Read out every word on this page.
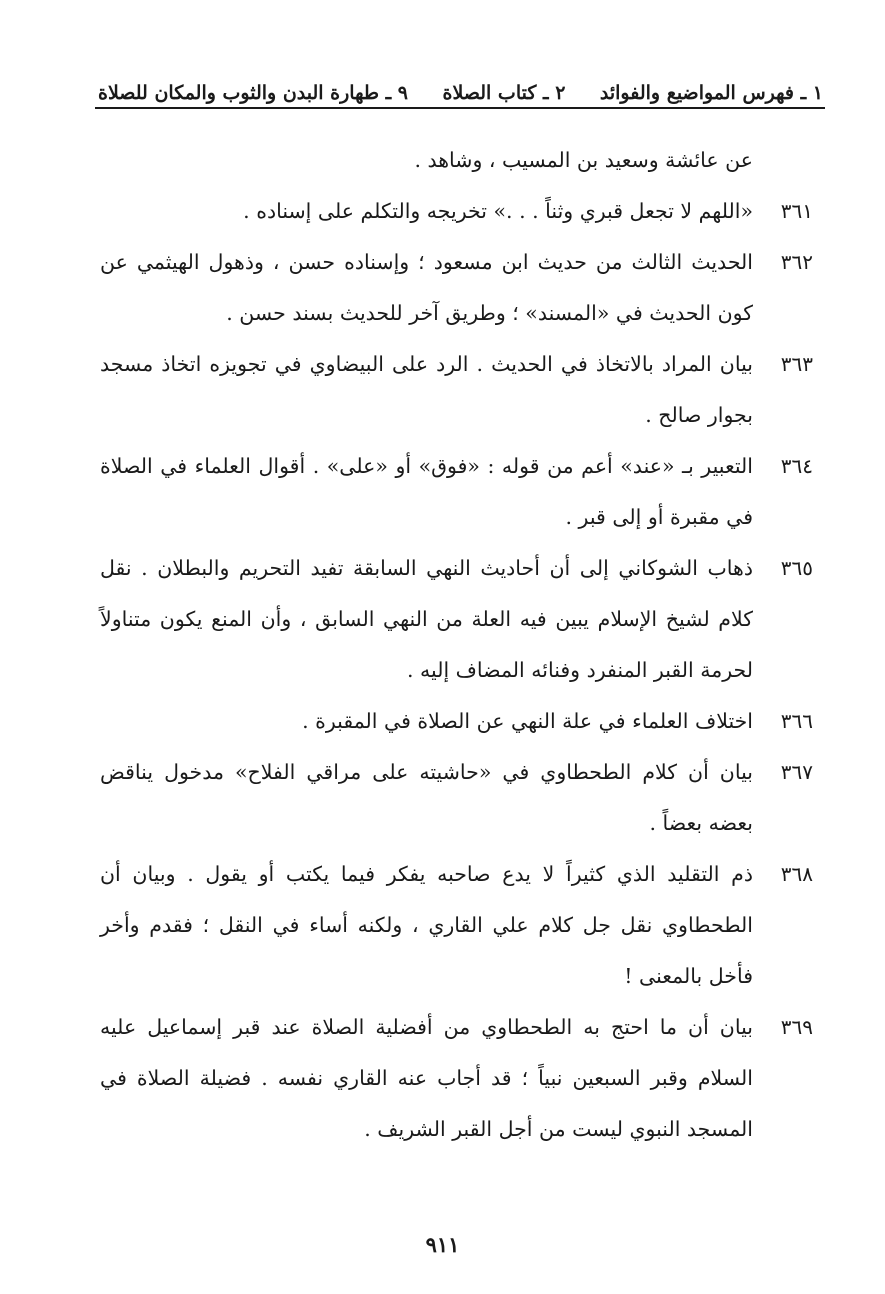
١ ـ فهرس المواضيع والفوائد
٢ ـ كتاب الصلاة
٩ ـ طهارة البدن والثوب والمكان للصلاة
عن عائشة وسعيد بن المسيب ، وشاهد .
٣٦١
«اللهم لا تجعل قبري وثناً . . .» تخريجه والتكلم على إسناده .
٣٦٢
الحديث الثالث من حديث ابن مسعود ؛ وإسناده حسن ، وذهول الهيثمي عن كون الحديث في «المسند» ؛ وطريق آخر للحديث بسند حسن .
٣٦٣
بيان المراد بالاتخاذ في الحديث . الرد على البيضاوي في تجويزه اتخاذ مسجد بجوار صالح .
٣٦٤
التعبير بـ «عند» أعم من قوله : «فوق» أو «على» . أقوال العلماء في الصلاة في مقبرة أو إلى قبر .
٣٦٥
ذهاب الشوكاني إلى أن أحاديث النهي السابقة تفيد التحريم والبطلان . نقل كلام لشيخ الإسلام يبين فيه العلة من النهي السابق ، وأن المنع يكون متناولاً لحرمة القبر المنفرد وفنائه المضاف إليه .
٣٦٦
اختلاف العلماء في علة النهي عن الصلاة في المقبرة .
٣٦٧
بيان أن كلام الطحطاوي في «حاشيته على مراقي الفلاح» مدخول يناقض بعضه بعضاً .
٣٦٨
ذم التقليد الذي كثيراً لا يدع صاحبه يفكر فيما يكتب أو يقول . وبيان أن الطحطاوي نقل جل كلام علي القاري ، ولكنه أساء في النقل ؛ فقدم وأخر فأخل بالمعنى !
٣٦٩
بيان أن ما احتج به الطحطاوي من أفضلية الصلاة عند قبر إسماعيل عليه السلام وقبر السبعين نبياً ؛ قد أجاب عنه القاري نفسه . فضيلة الصلاة في المسجد النبوي ليست من أجل القبر الشريف .
٩١١
